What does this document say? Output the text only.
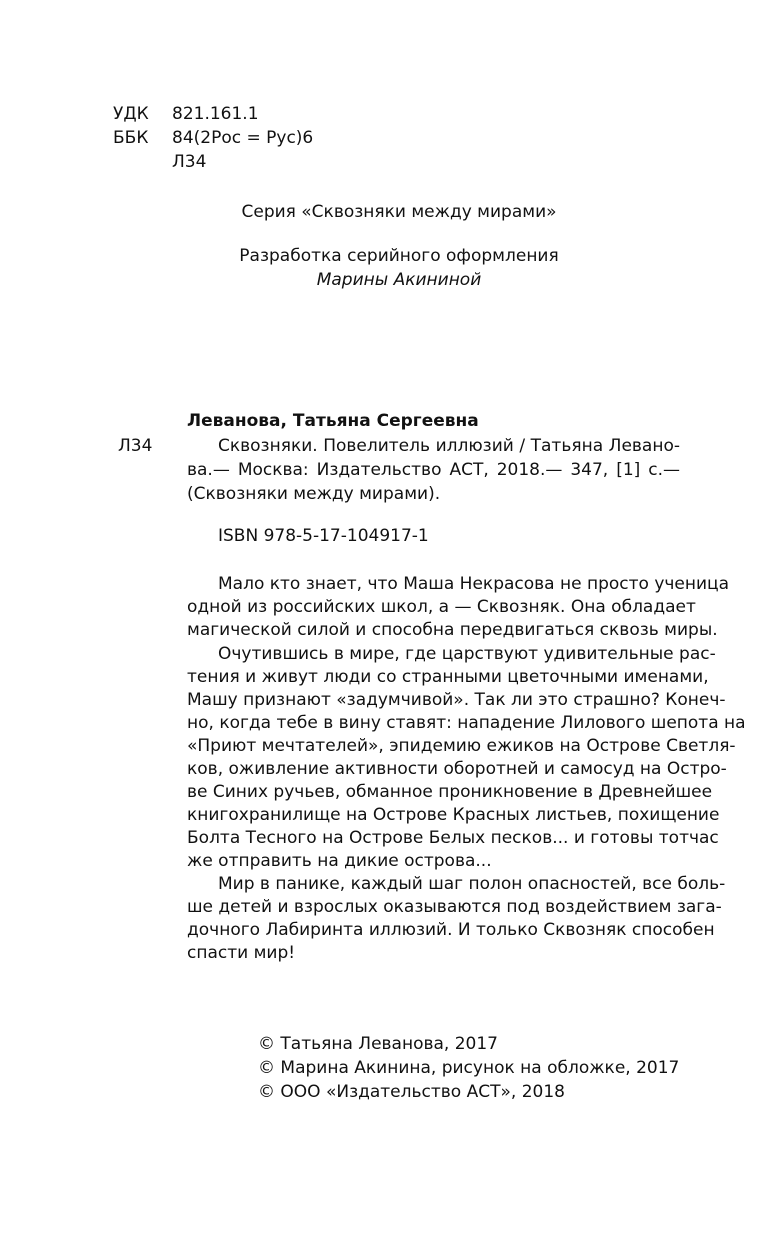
УДК 821.161.1
ББК 84(2Рос = Рус)6
Л34
Серия «Сквозняки между мирами»
Разработка серийного оформления
Марины Акининой
Леванова, Татьяна Сергеевна
Л34	Сквозняки. Повелитель иллюзий / Татьяна Левано-
ва.— Москва: Издательство АСТ, 2018.— 347, [1] с.—
(Сквозняки между мирами).
ISBN 978-5-17-104917-1
Мало кто знает, что Маша Некрасова не просто ученица
одной из российских школ, а — Сквозняк. Она обладает
магической силой и способна передвигаться сквозь миры.
Очутившись в мире, где царствуют удивительные рас-
тения и живут люди со странными цветочными именами,
Машу признают «задумчивой». Так ли это страшно? Конеч-
но, когда тебе в вину ставят: нападение Лилового шепота на
«Приют мечтателей», эпидемию ежиков на Острове Светля-
ков, оживление активности оборотней и самосуд на Остро-
ве Синих ручьев, обманное проникновение в Древнейшее
книгохранилище на Острове Красных листьев, похищение
Болта Тесного на Острове Белых песков... и готовы тотчас
же отправить на дикие острова...
Мир в панике, каждый шаг полон опасностей, все боль-
ше детей и взрослых оказываются под воздействием зага-
дочного Лабиринта иллюзий. И только Сквозняк способен
спасти мир!
© Татьяна Леванова, 2017
© Марина Акинина, рисунок на обложке, 2017
© ООО «Издательство АСТ», 2018
